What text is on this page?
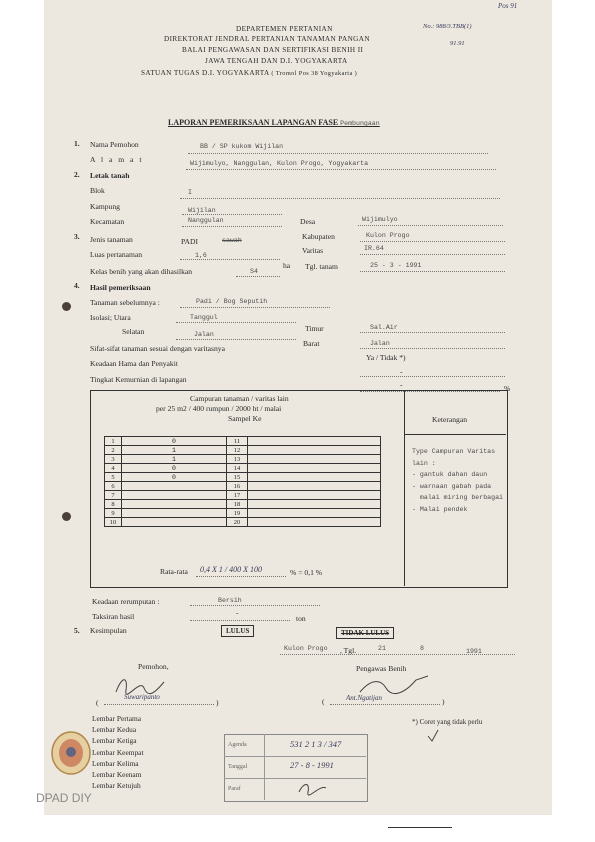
No.: 988/3.TBB(1)
91.91
Pos 91
DEPARTEMEN PERTANIAN
DIREKTORAT JENDRAL PERTANIAN TANAMAN PANGAN
BALAI PENGAWASAN DAN SERTIFIKASI BENIH II
JAWA TENGAH DAN D.I. YOGYAKARTA
SATUAN TUGAS D.I. YOGYAKARTA ( Tromol Pos 38 Yogyakarta )
LAPORAN PEMERIKSAAN LAPANGAN FASE Pembungaan
1. Nama Pemohon	BB / SP kukom Wijilan
A l a m a t	Wijimulyo, Nanggulan, Kulon Progo, Yogyakarta
2. Letak tanah
Blok	I
Kampung	Wijilan
Kecamatan	Nanggulan	Desa	Wijimulyo
3. Jenis tanaman	PADI	sawah	Kabupaten	Kulon Progo
Luas pertanaman	1,6
ha
Varitas	IR.64
Tgl. tanam	25 - 3 - 1991
Kelas benih yang akan dihasilkan	S4
4. Hasil pemeriksaan
Tanaman sebelumnya :	Padi / Bog Seputih
Isolasi; Utara	Tanggul
Timur	Sal.Air
Selatan	Jalan
Barat	Jalan
Sifat-sifat tanaman sesuai dengan varitasnya
Ya / Tidak *)
Keadaan Hama dan Penyakit
-
Tingkat Kemurnian di lapangan
-	%
Campuran tanaman / varitas lain
per 25 m2 / 400 rumpun / 2000 ht / malai
Sampel Ke	Keterangan
1	0	11	
2	1	12	
3	1	13	
4	0	14	
5	0	15	
6		16	
7		17	
8		18	
9		19	
10		20	
Rata-rata 0,4 X 1 / 400 X 100	% = 0,1 %
Type Campuran Varitas
lain :
- gantuk dahan daun
- warnaan gabah pada
malai miring berbagai
- Malai pendek
Keadaan rerumputan :	Bersih
Taksiran hasil	-
ton
5. Kesimpulan	LULUS	TIDAK LULUS
Kulon Progo , Tgl.	21	8	1991
Pemohon,	Pengawas Benih
(
Suwaripanto
)	(	Ant.Ngatijan	)
Lembar Pertama
Lembar Kedua
Lembar Ketiga
Lembar Keempat
Lembar Kelima
Lembar Keenam
Lembar Ketujuh
*) Coret yang tidak perlu
Agenda	531 2 1 3 / 347
Tanggal	27 - 8 - 1991
Paraf
DPAD DIY
